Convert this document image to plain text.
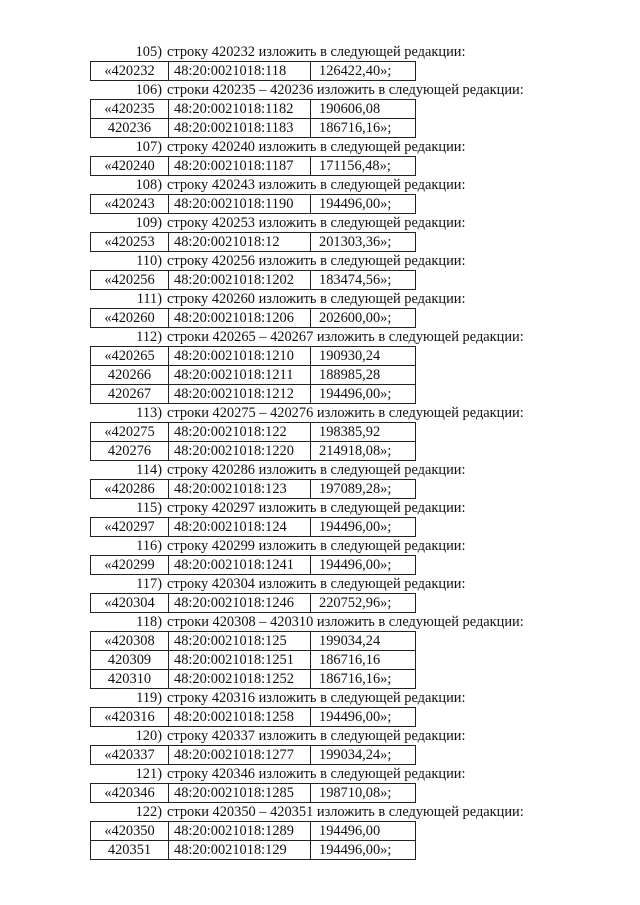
105) строку 420232 изложить в следующей редакции:
«420232	48:20:0021018:118	126422,40»;
106) строки 420235 – 420236 изложить в следующей редакции:
«420235	48:20:0021018:1182	190606,08
420236	48:20:0021018:1183	186716,16»;
107) строку 420240 изложить в следующей редакции:
«420240	48:20:0021018:1187	171156,48»;
108) строку 420243 изложить в следующей редакции:
«420243	48:20:0021018:1190	194496,00»;
109) строку 420253 изложить в следующей редакции:
«420253	48:20:0021018:12	201303,36»;
110) строку 420256 изложить в следующей редакции:
«420256	48:20:0021018:1202	183474,56»;
111) строку 420260 изложить в следующей редакции:
«420260	48:20:0021018:1206	202600,00»;
112) строки 420265 – 420267 изложить в следующей редакции:
«420265	48:20:0021018:1210	190930,24
420266	48:20:0021018:1211	188985,28
420267	48:20:0021018:1212	194496,00»;
113) строки 420275 – 420276 изложить в следующей редакции:
«420275	48:20:0021018:122	198385,92
420276	48:20:0021018:1220	214918,08»;
114) строку 420286 изложить в следующей редакции:
«420286	48:20:0021018:123	197089,28»;
115) строку 420297 изложить в следующей редакции:
«420297	48:20:0021018:124	194496,00»;
116) строку 420299 изложить в следующей редакции:
«420299	48:20:0021018:1241	194496,00»;
117) строку 420304 изложить в следующей редакции:
«420304	48:20:0021018:1246	220752,96»;
118) строки 420308 – 420310 изложить в следующей редакции:
«420308	48:20:0021018:125	199034,24
420309	48:20:0021018:1251	186716,16
420310	48:20:0021018:1252	186716,16»;
119) строку 420316 изложить в следующей редакции:
«420316	48:20:0021018:1258	194496,00»;
120) строку 420337 изложить в следующей редакции:
«420337	48:20:0021018:1277	199034,24»;
121) строку 420346 изложить в следующей редакции:
«420346	48:20:0021018:1285	198710,08»;
122) строки 420350 – 420351 изложить в следующей редакции:
«420350	48:20:0021018:1289	194496,00
420351	48:20:0021018:129	194496,00»;
